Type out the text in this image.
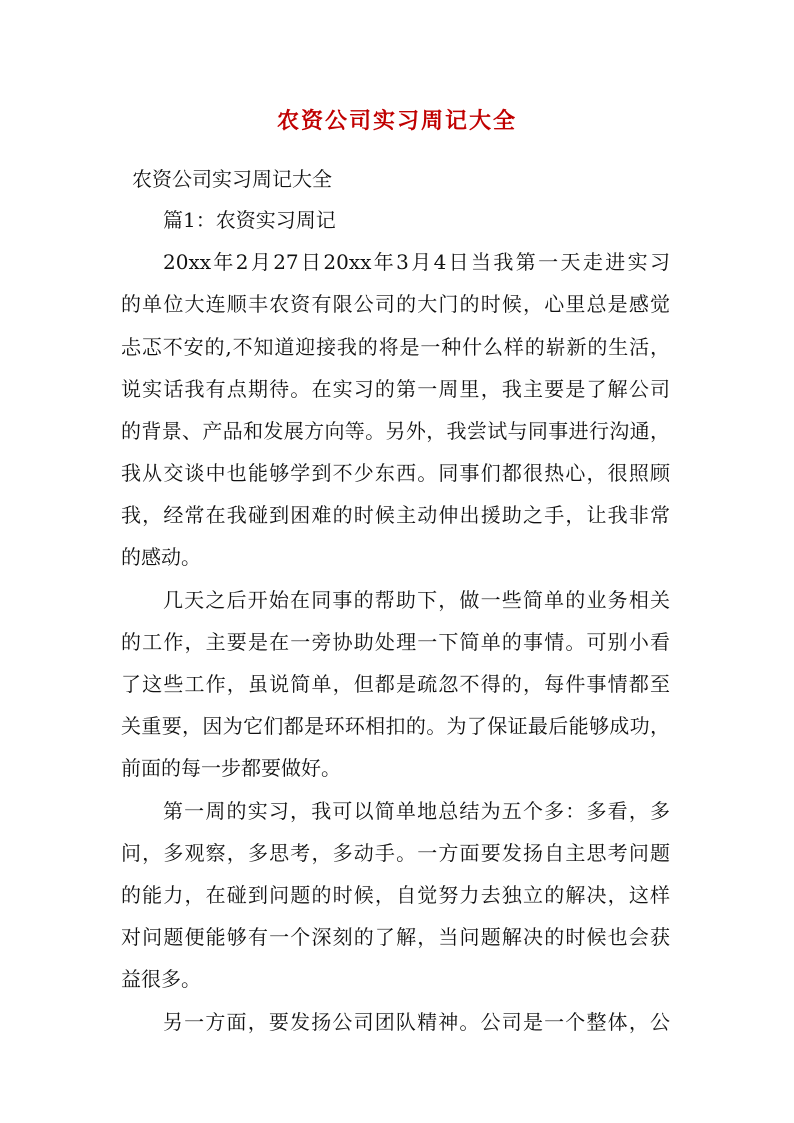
农资公司实习周记大全
农资公司实习周记大全
篇1：农资实习周记
20xx年2月27日20xx年3月4日当我第一天走进实习
的单位大连顺丰农资有限公司的大门的时候，心里总是感觉
忐忑不安的,不知道迎接我的将是一种什么样的崭新的生活，
说实话我有点期待。在实习的第一周里，我主要是了解公司
的背景、产品和发展方向等。另外，我尝试与同事进行沟通，
我从交谈中也能够学到不少东西。同事们都很热心，很照顾
我，经常在我碰到困难的时候主动伸出援助之手，让我非常
的感动。
几天之后开始在同事的帮助下，做一些简单的业务相关
的工作，主要是在一旁协助处理一下简单的事情。可别小看
了这些工作，虽说简单，但都是疏忽不得的，每件事情都至
关重要，因为它们都是环环相扣的。为了保证最后能够成功，
前面的每一步都要做好。
第一周的实习，我可以简单地总结为五个多：多看，多
问，多观察，多思考，多动手。一方面要发扬自主思考问题
的能力，在碰到问题的时候，自觉努力去独立的解决，这样
对问题便能够有一个深刻的了解，当问题解决的时候也会获
益很多。
另一方面，要发扬公司团队精神。公司是一个整体，公
